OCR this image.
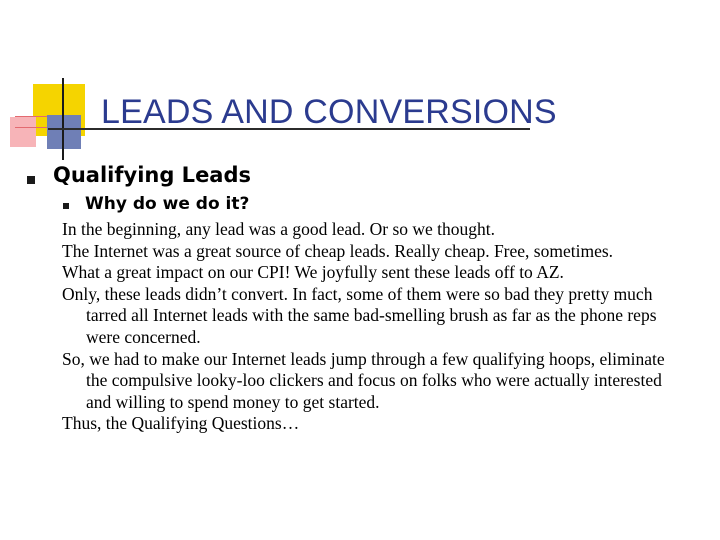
LEADS AND CONVERSIONS
Qualifying Leads
Why do we do it?

In the beginning, any lead was a good lead. Or so we thought.

The Internet was a great source of cheap leads. Really cheap. Free, sometimes.

What a great impact on our CPI! We joyfully sent these leads off to AZ.

Only, these leads didn’t convert. In fact, some of them were so bad they pretty much tarred all Internet leads with the same bad-smelling brush as far as the phone reps were concerned.

So, we had to make our Internet leads jump through a few qualifying hoops, eliminate the compulsive looky-loo clickers and focus on folks who were actually interested and willing to spend money to get started.

Thus, the Qualifying Questions…
